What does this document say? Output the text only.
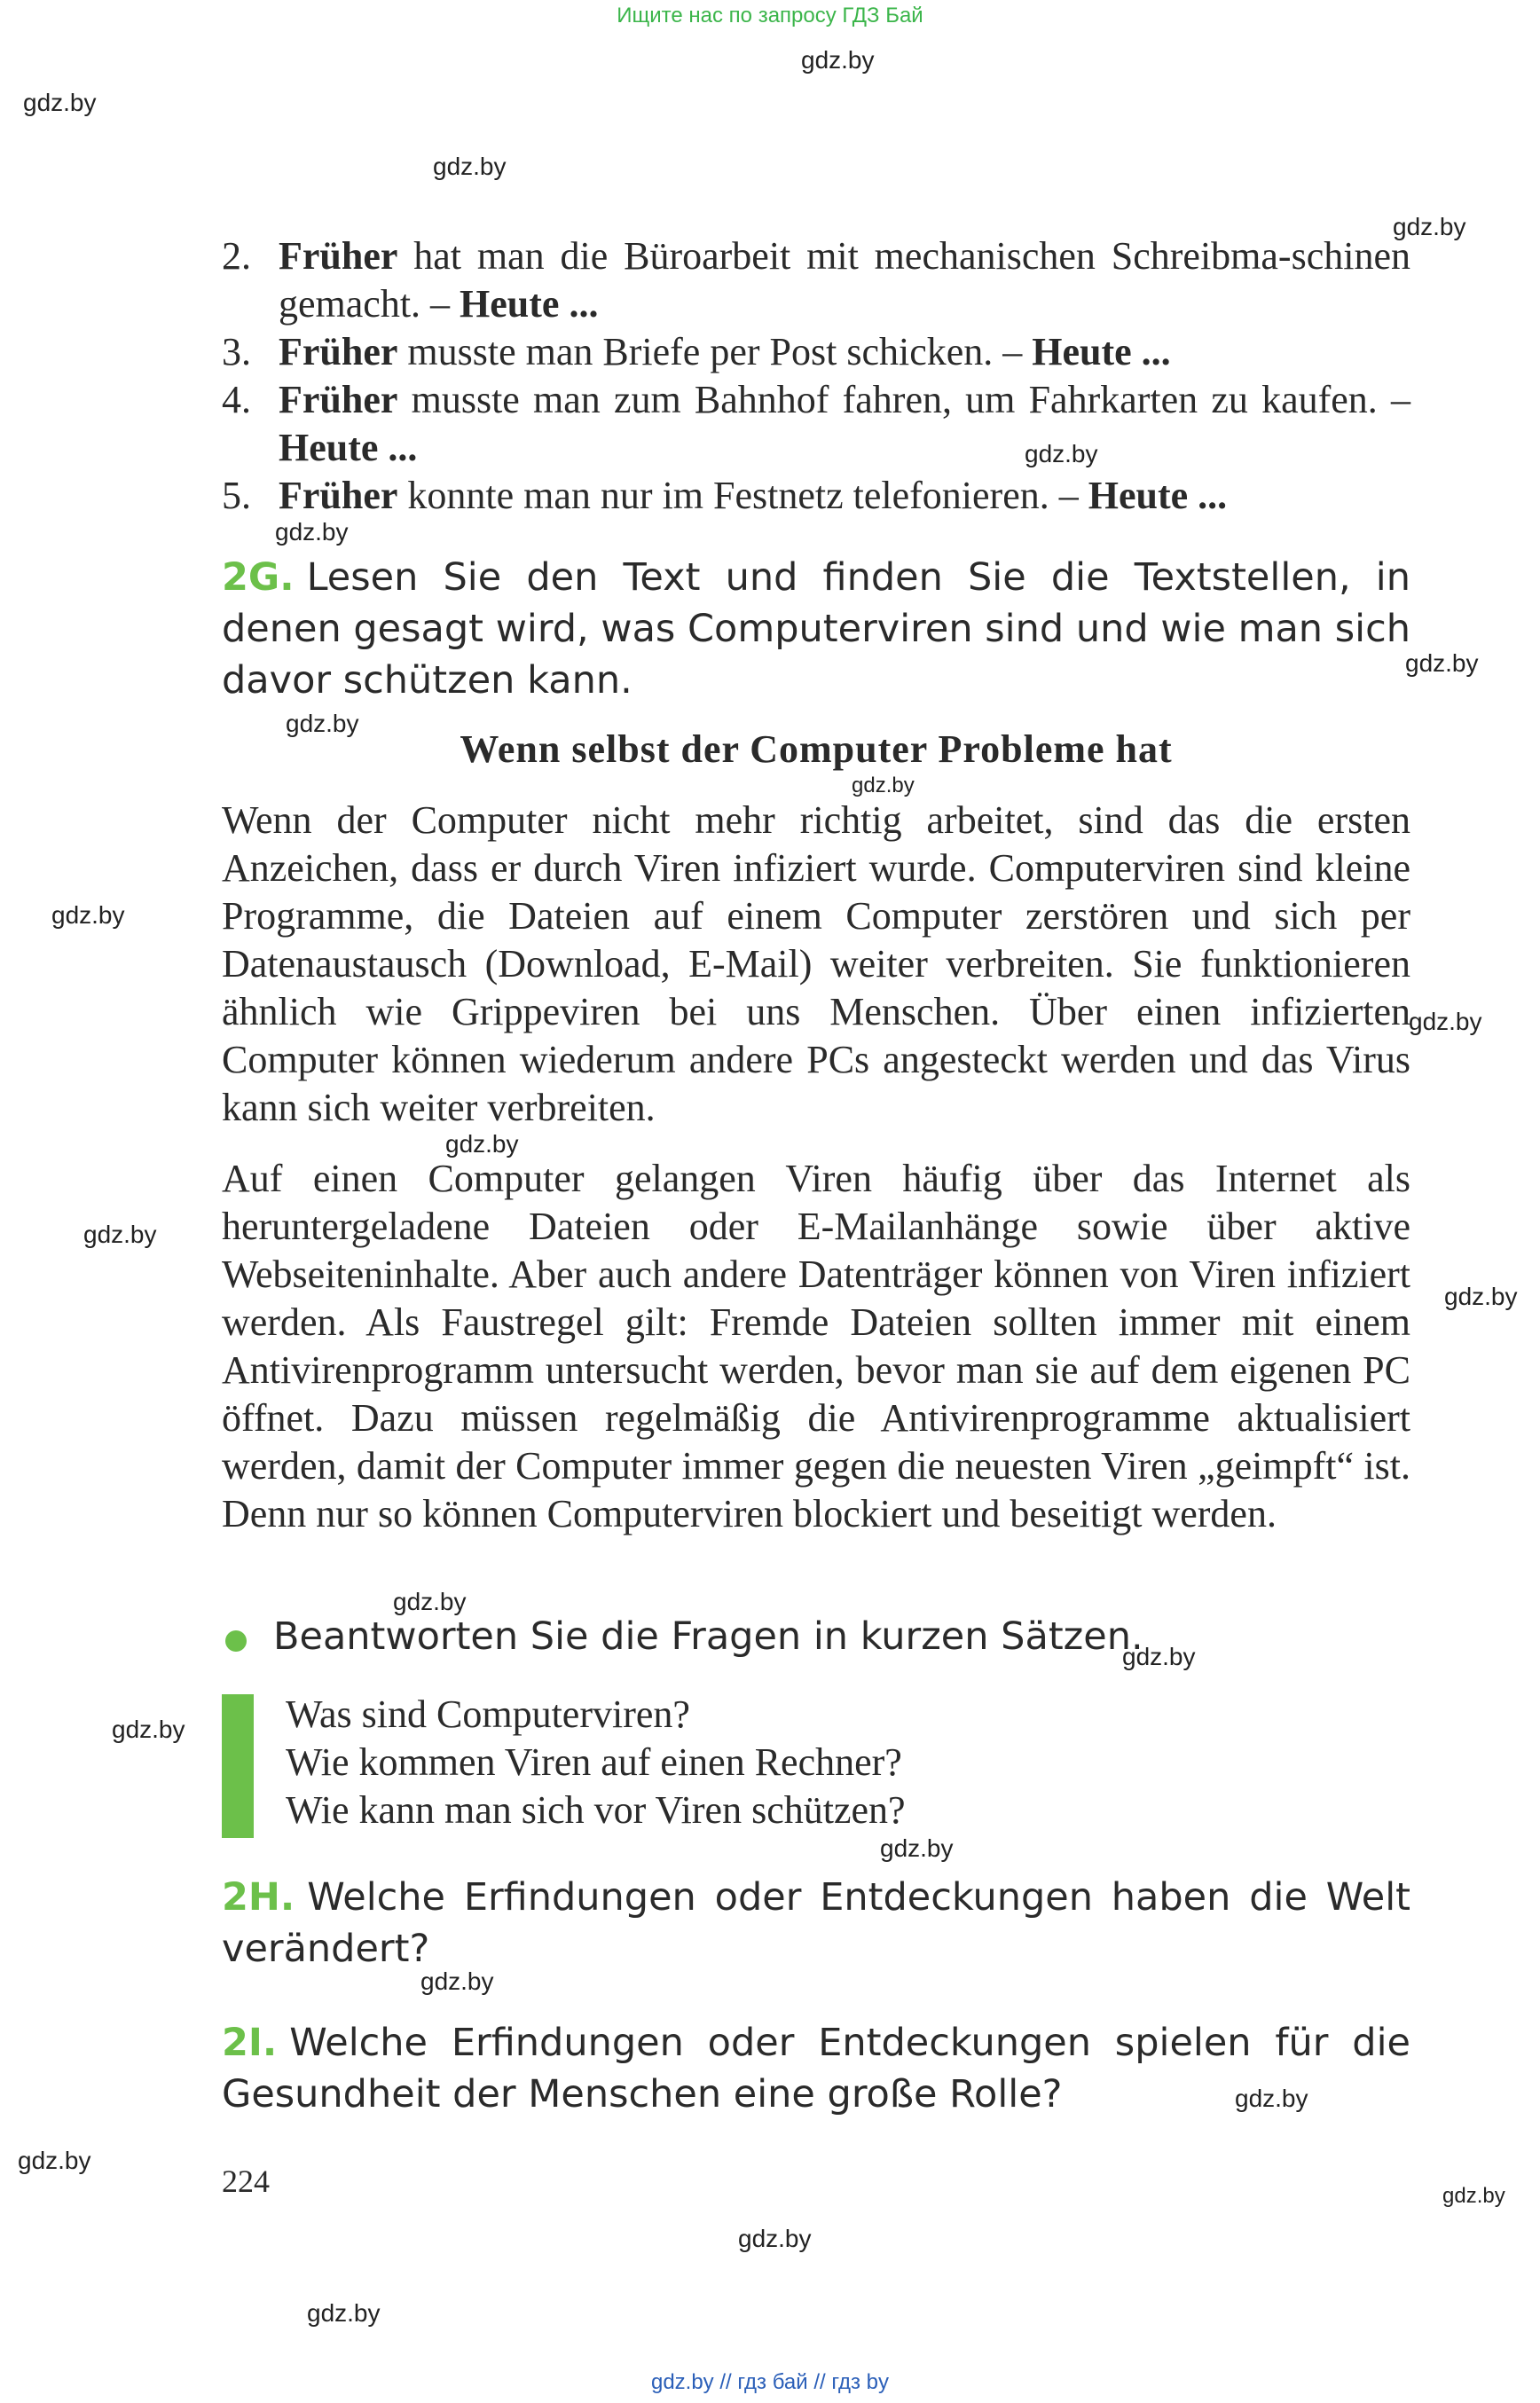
Ищите нас по запросу ГДЗ Бай
gdz.by
gdz.by
gdz.by
gdz.by
gdz.by
gdz.by
gdz.by
gdz.by
gdz.by
gdz.by
gdz.by
gdz.by
gdz.by
gdz.by
gdz.by
gdz.by
gdz.by
gdz.by
gdz.by
gdz.by
gdz.by
gdz.by
gdz.by
gdz.by
2. Früher hat man die Büroarbeit mit mechanischen Schreibma-schinen gemacht. – Heute ...
3. Früher musste man Briefe per Post schicken. – Heute ...
4. Früher musste man zum Bahnhof fahren, um Fahrkarten zu kaufen. – Heute ...
5. Früher konnte man nur im Festnetz telefonieren. – Heute ...
2G. Lesen Sie den Text und finden Sie die Textstellen, in denen gesagt wird, was Computerviren sind und wie man sich davor schützen kann.
Wenn selbst der Computer Probleme hat

Wenn der Computer nicht mehr richtig arbeitet, sind das die ersten Anzeichen, dass er durch Viren infiziert wurde. Computerviren sind kleine Programme, die Dateien auf einem Computer zerstören und sich per Datenaustausch (Download, E-Mail) weiter verbreiten. Sie funktionieren ähnlich wie Grippeviren bei uns Menschen. Über einen infizierten Computer können wiederum andere PCs angesteckt werden und das Virus kann sich weiter verbreiten.

Auf einen Computer gelangen Viren häufig über das Internet als heruntergeladene Dateien oder E-Mailanhänge sowie über aktive Webseiteninhalte. Aber auch andere Datenträger können von Viren infiziert werden. Als Faustregel gilt: Fremde Dateien sollten immer mit einem Antivirenprogramm untersucht werden, bevor man sie auf dem eigenen PC öffnet. Dazu müssen regelmäßig die Antivirenprogramme aktualisiert werden, damit der Computer immer gegen die neuesten Viren „geimpft“ ist. Denn nur so können Computerviren blockiert und beseitigt werden.

Beantworten Sie die Fragen in kurzen Sätzen.
Was sind Computerviren?
Wie kommen Viren auf einen Rechner?
Wie kann man sich vor Viren schützen?
2H. Welche Erfindungen oder Entdeckungen haben die Welt verändert?
2I. Welche Erfindungen oder Entdeckungen spielen für die Gesundheit der Menschen eine große Rolle?
224
gdz.by // гдз бай // гдз by
